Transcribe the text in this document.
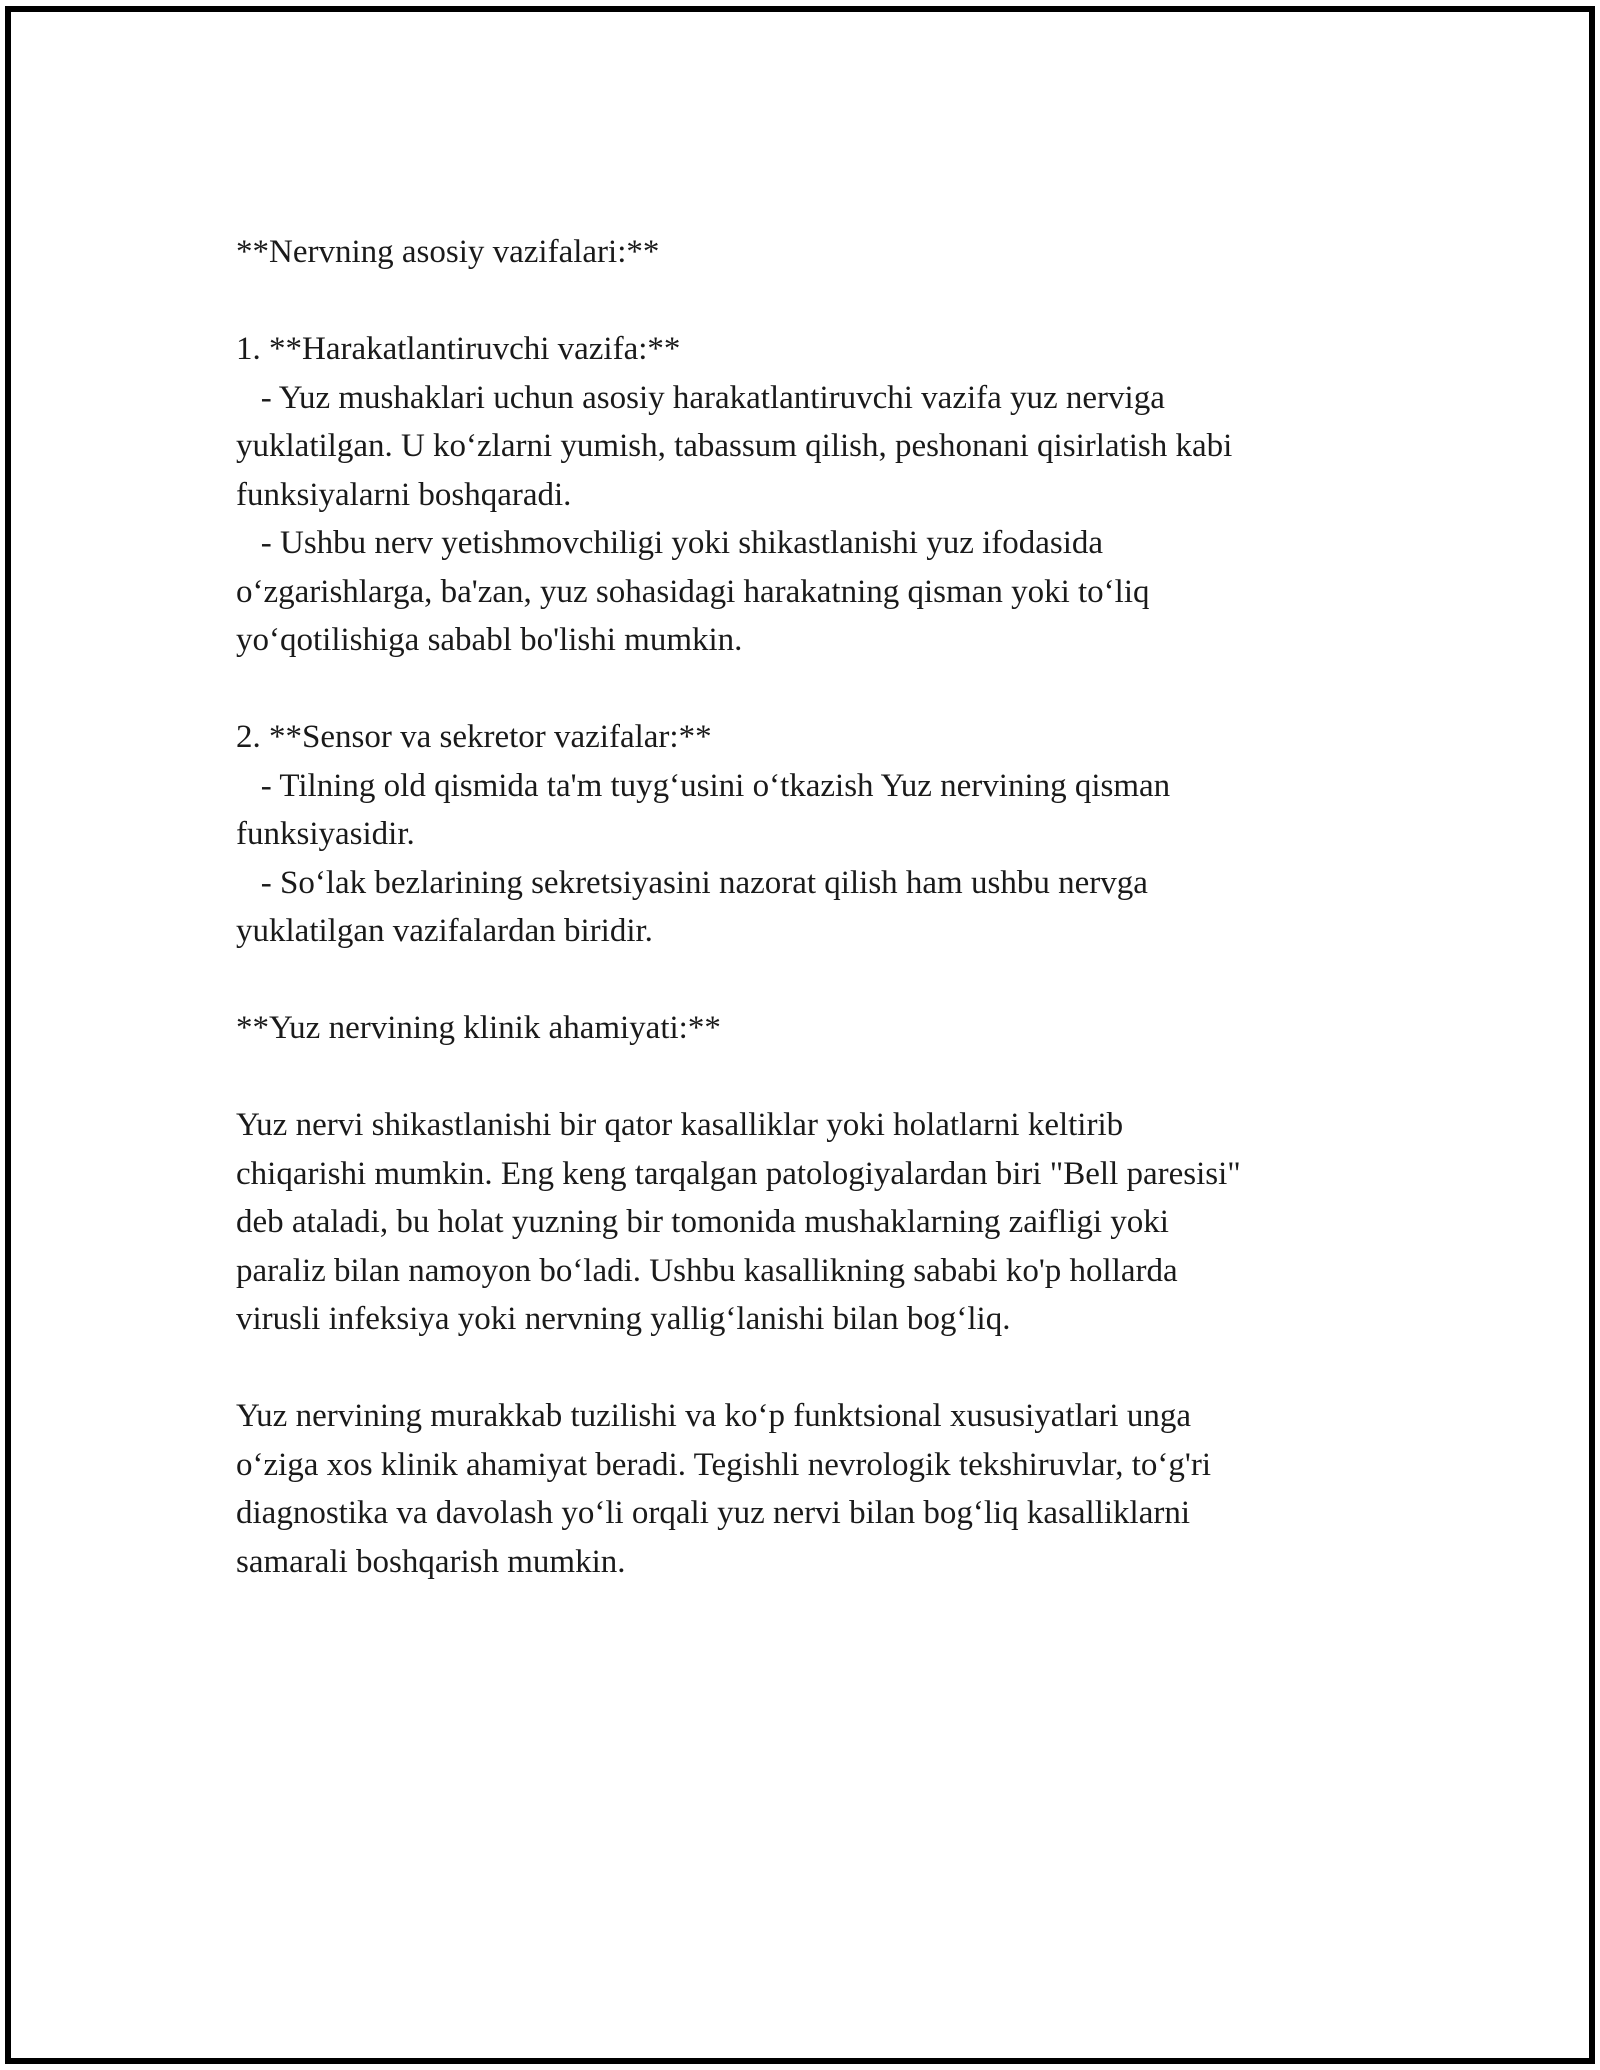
**Nervning asosiy vazifalari:**
1. **Harakatlantiruvchi vazifa:**
- Yuz mushaklari uchun asosiy harakatlantiruvchi vazifa yuz nerviga
yuklatilgan. U ko‘zlarni yumish, tabassum qilish, peshonani qisirlatish kabi
funksiyalarni boshqaradi.
- Ushbu nerv yetishmovchiligi yoki shikastlanishi yuz ifodasida
o‘zgarishlarga, ba'zan, yuz sohasidagi harakatning qisman yoki to‘liq
yo‘qotilishiga sababl bo'lishi mumkin.
2. **Sensor va sekretor vazifalar:**
- Tilning old qismida ta'm tuyg‘usini o‘tkazish Yuz nervining qisman
funksiyasidir.
- So‘lak bezlarining sekretsiyasini nazorat qilish ham ushbu nervga
yuklatilgan vazifalardan biridir.
**Yuz nervining klinik ahamiyati:**
Yuz nervi shikastlanishi bir qator kasalliklar yoki holatlarni keltirib
chiqarishi mumkin. Eng keng tarqalgan patologiyalardan biri "Bell paresisi"
deb ataladi, bu holat yuzning bir tomonida mushaklarning zaifligi yoki
paraliz bilan namoyon bo‘ladi. Ushbu kasallikning sababi ko'p hollarda
virusli infeksiya yoki nervning yallig‘lanishi bilan bog‘liq.
Yuz nervining murakkab tuzilishi va ko‘p funktsional xususiyatlari unga
o‘ziga xos klinik ahamiyat beradi. Tegishli nevrologik tekshiruvlar, to‘g'ri
diagnostika va davolash yo‘li orqali yuz nervi bilan bog‘liq kasalliklarni
samarali boshqarish mumkin.
